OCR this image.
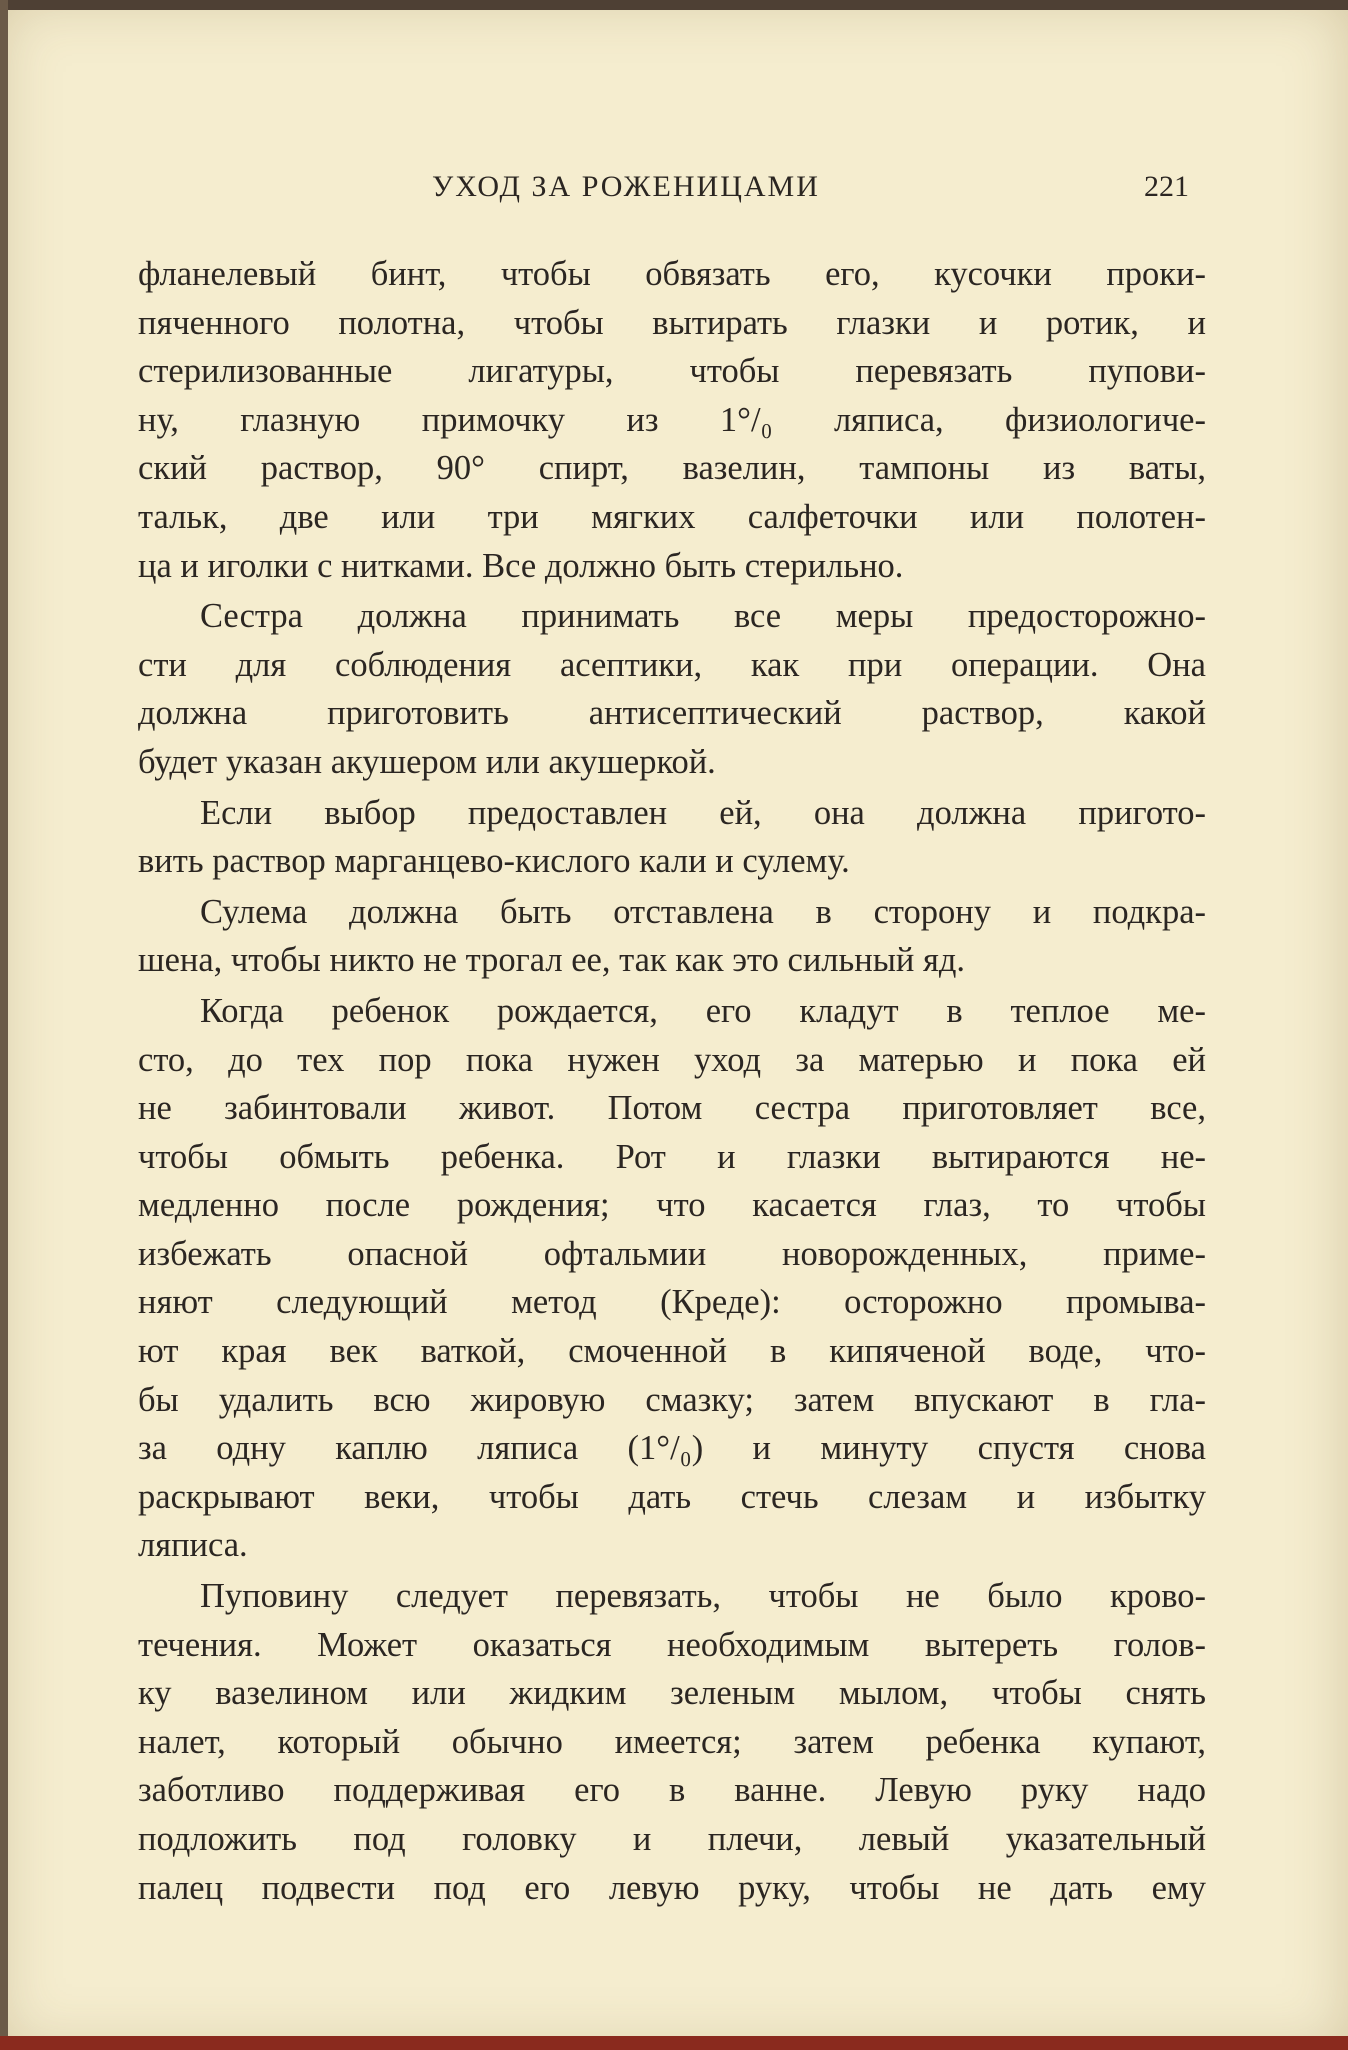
УХОД ЗА РОЖЕНИЦАМИ	221
фланелевый бинт, чтобы обвязать его, кусочки проки-
пяченного полотна, чтобы вытирать глазки и ротик, и
стерилизованные лигатуры, чтобы перевязать пупови-
ну, глазную примочку из 1°/₀ ляписа, физиологиче-
ский раствор, 90° спирт, вазелин, тампоны из ваты,
тальк, две или три мягких салфеточки или полотен-
ца и иголки с нитками. Все должно быть стерильно.
Сестра должна принимать все меры предосторожно-
сти для соблюдения асептики, как при операции. Она
должна приготовить антисептический раствор, какой
будет указан акушером или акушеркой.
Если выбор предоставлен ей, она должна пригото-
вить раствор марганцево-кислого кали и сулему.
Сулема должна быть отставлена в сторону и подкра-
шена, чтобы никто не трогал ее, так как это сильный яд.
Когда ребенок рождается, его кладут в теплое ме-
сто, до тех пор пока нужен уход за матерью и пока ей
не забинтовали живот. Потом сестра приготовляет все,
чтобы обмыть ребенка. Рот и глазки вытираются не-
медленно после рождения; что касается глаз, то чтобы
избежать опасной офтальмии новорожденных, приме-
няют следующий метод (Креде): осторожно промыва-
ют края век ваткой, смоченной в кипяченой воде, что-
бы удалить всю жировую смазку; затем впускают в гла-
за одну каплю ляписа (1°/₀) и минуту спустя снова
раскрывают веки, чтобы дать стечь слезам и избытку
ляписа.
Пуповину следует перевязать, чтобы не было крово-
течения. Может оказаться необходимым вытереть голов-
ку вазелином или жидким зеленым мылом, чтобы снять
налет, который обычно имеется; затем ребенка купают,
заботливо поддерживая его в ванне. Левую руку надо
подложить под головку и плечи, левый указательный
палец подвести под его левую руку, чтобы не дать ему
